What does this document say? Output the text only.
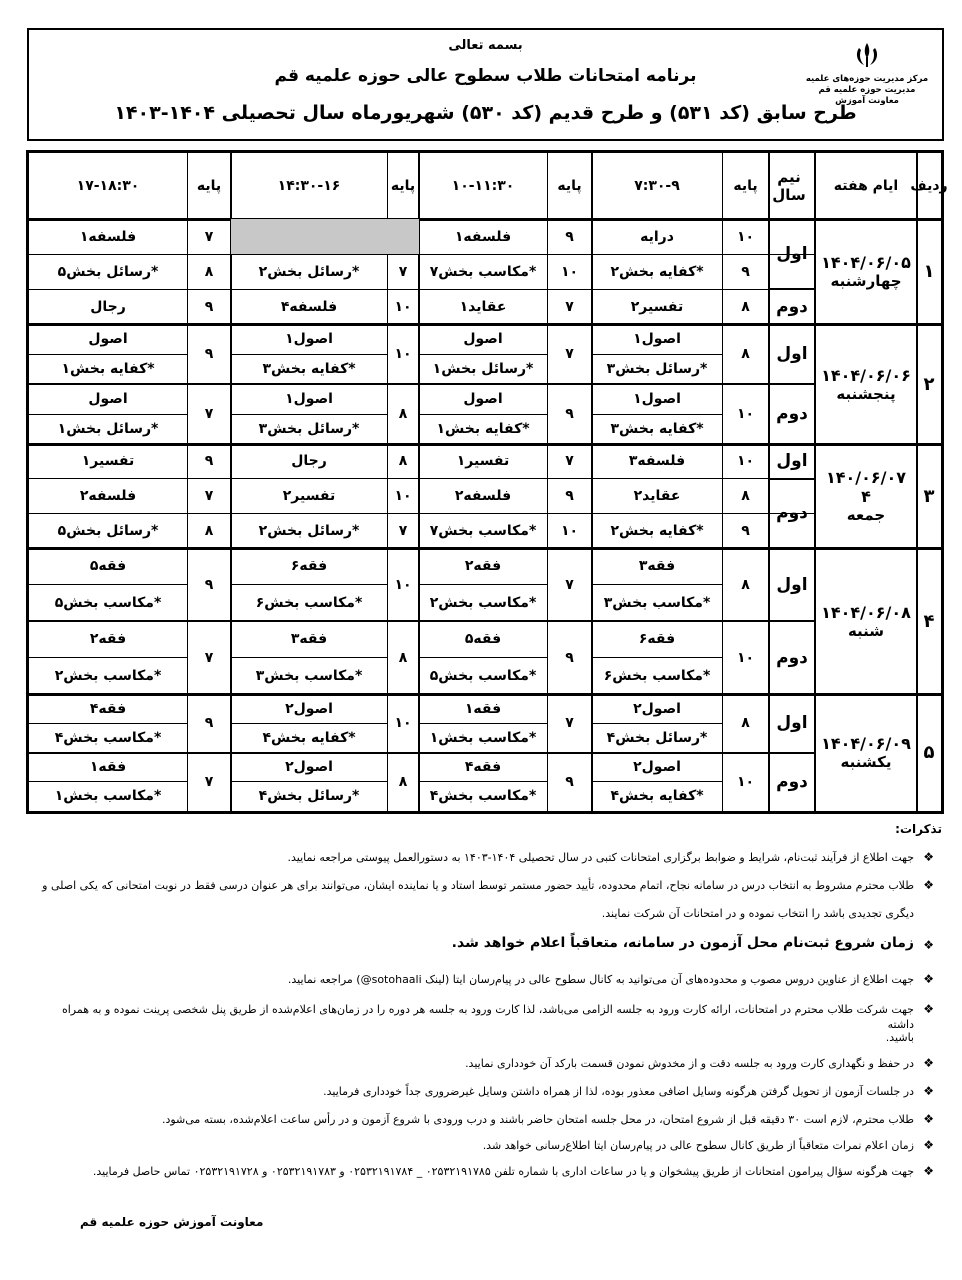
بسمه تعالی
برنامه امتحانات طلاب سطوح عالی حوزه علمیه قم
طرح سابق (کد ۵۳۱) و طرح قدیم (کد ۵۳۰) شهریورماه سال تحصیلی ۱۴۰۴-۱۴۰۳
مرکز مدیریت حوزه‌های علمیه
مدیریت حوزه علمیه قم
معاونت آموزش
ردیف
ایام هفته
نیم سال
پایه
۷:۳۰-۹
پایه
۱۰-۱۱:۳۰
پایه
۱۴:۳۰-۱۶
پایه
۱۷-۱۸:۳۰
۱
۱۴۰۴/۰۶/۰۵
چهارشنبه
۲
۱۴۰۴/۰۶/۰۶
پنجشنبه
۳
۱۴۰/۰۶/۰۷
۴
جمعه
۴
۱۴۰۴/۰۶/۰۸
شنبه
۵
۱۴۰۴/۰۶/۰۹
یکشنبه
اول
دوم
۱۰
درایه
۹
فلسفه۱
۷
فلسفه۱
۹
*کفایه بخش۲
۱۰
*مکاسب بخش۷
۷
*رسائل بخش۲
۸
*رسائل بخش۵
۸
تفسیر۲
۷
عقاید۱
۱۰
فلسفه۴
۹
رجال
اول
دوم
۱۰
فلسفه۳
۷
تفسیر۱
۸
رجال
۹
تفسیر۱
۸
عقاید۲
۹
فلسفه۲
۱۰
تفسیر۲
۷
فلسفه۲
۹
*کفایه بخش۲
۱۰
*مکاسب بخش۷
۷
*رسائل بخش۲
۸
*رسائل بخش۵
اول
۸
اصول۱
*رسائل بخش۳
۷
اصول
*رسائل بخش۱
۱۰
اصول۱
*کفایه بخش۳
۹
اصول
*کفایه بخش۱
دوم
۱۰
اصول۱
*کفایه بخش۳
۹
اصول
*کفایه بخش۱
۸
اصول۱
*رسائل بخش۳
۷
اصول
*رسائل بخش۱
اول
۸
فقه۳
*مکاسب بخش۳
۷
فقه۲
*مکاسب بخش۲
۱۰
فقه۶
*مکاسب بخش۶
۹
فقه۵
*مکاسب بخش۵
دوم
۱۰
فقه۶
*مکاسب بخش۶
۹
فقه۵
*مکاسب بخش۵
۸
فقه۳
*مکاسب بخش۳
۷
فقه۲
*مکاسب بخش۲
اول
۸
اصول۲
*رسائل بخش۴
۷
فقه۱
*مکاسب بخش۱
۱۰
اصول۲
*کفایه بخش۴
۹
فقه۴
*مکاسب بخش۴
دوم
۱۰
اصول۲
*کفایه بخش۴
۹
فقه۴
*مکاسب بخش۴
۸
اصول۲
*رسائل بخش۴
۷
فقه۱
*مکاسب بخش۱
تذکرات:
❖
جهت اطلاع از فرآیند ثبت‌نام، شرایط و ضوابط برگزاری امتحانات کتبی در سال تحصیلی ۱۴۰۴-۱۴۰۳ به دستورالعمل پیوستی مراجعه نمایید.
❖
طلاب محترم مشروط به انتخاب درس در سامانه نجاح، اتمام محدوده، تأیید حضور مستمر توسط استاد و یا نماینده ایشان، می‌توانند برای هر عنوان درسی فقط در نوبت امتحانی که یکی اصلی و
دیگری تجدیدی باشد را انتخاب نموده و در امتحانات آن شرکت نمایند.
❖
زمان شروع ثبت‌نام محل آزمون در سامانه، متعاقباً اعلام خواهد شد.
❖
جهت اطلاع از عناوین دروس مصوب و محدوده‌های آن می‌توانید به کانال سطوح عالی در پیام‌رسان ایتا (لینک sotohaali@) مراجعه نمایید.
❖
جهت شرکت طلاب محترم در امتحانات، ارائه کارت ورود به جلسه الزامی می‌باشد، لذا کارت ورود به جلسه هر دوره را در زمان‌های اعلام‌شده از طریق پنل شخصی پرینت نموده و به همراه داشته
باشید.
❖
در حفظ و نگهداری کارت ورود به جلسه دقت و از مخدوش نمودن قسمت بارکد آن خودداری نمایید.
❖
در جلسات آزمون از تحویل گرفتن هرگونه وسایل اضافی معذور بوده، لذا از همراه داشتن وسایل غیرضروری جداً خودداری فرمایید.
❖
طلاب محترم، لازم است ۳۰ دقیقه قبل از شروع امتحان، در محل جلسه امتحان حاضر باشند و درب ورودی با شروع آزمون و در رأس ساعت اعلام‌شده، بسته می‌شود.
❖
زمان اعلام نمرات متعاقباً از طریق کانال سطوح عالی در پیام‌رسان ایتا اطلاع‌رسانی خواهد شد.
❖
جهت هرگونه سؤال پیرامون امتحانات از طریق پیشخوان و یا در ساعات اداری با شماره تلفن ۰۲۵۳۲۱۹۱۷۸۵ _ ۰۲۵۳۲۱۹۱۷۸۴ و ۰۲۵۳۲۱۹۱۷۸۳ و ۰۲۵۳۲۱۹۱۷۲۸ تماس حاصل فرمایید.
معاونت آموزش حوزه علمیه قم
